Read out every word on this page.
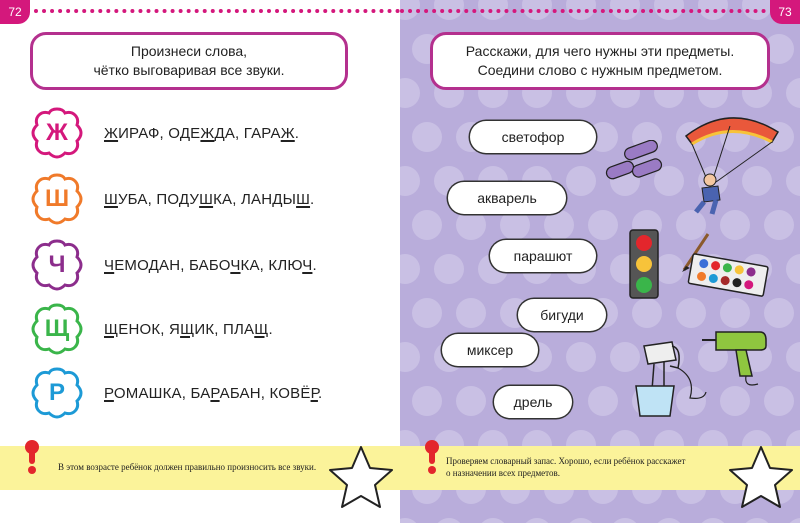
72
Произнеси слова,
чётко выговаривая все звуки.
Ж ЖИРАФ, ОДЕЖДА, ГАРАЖ.
Ш ШУБА, ПОДУШКА, ЛАНДЫШ.
Ч	ЧЕМОДАН, БАБОЧКА, КЛЮЧ.
Щ ЩЕНОК, ЯЩИК, ПЛАЩ.
Р	РОМАШКА, БАРАБАН, КОВЁР.
В этом возрасте ребёнок должен правильно произносить все звуки.
73
Расскажи, для чего нужны эти предметы.
Соедини слово с нужным предметом.
светофор
акварель
парашют
бигуди
миксер
дрель
Проверяем словарный запас. Хорошо, если ребёнок расскажет
о назначении всех предметов.
